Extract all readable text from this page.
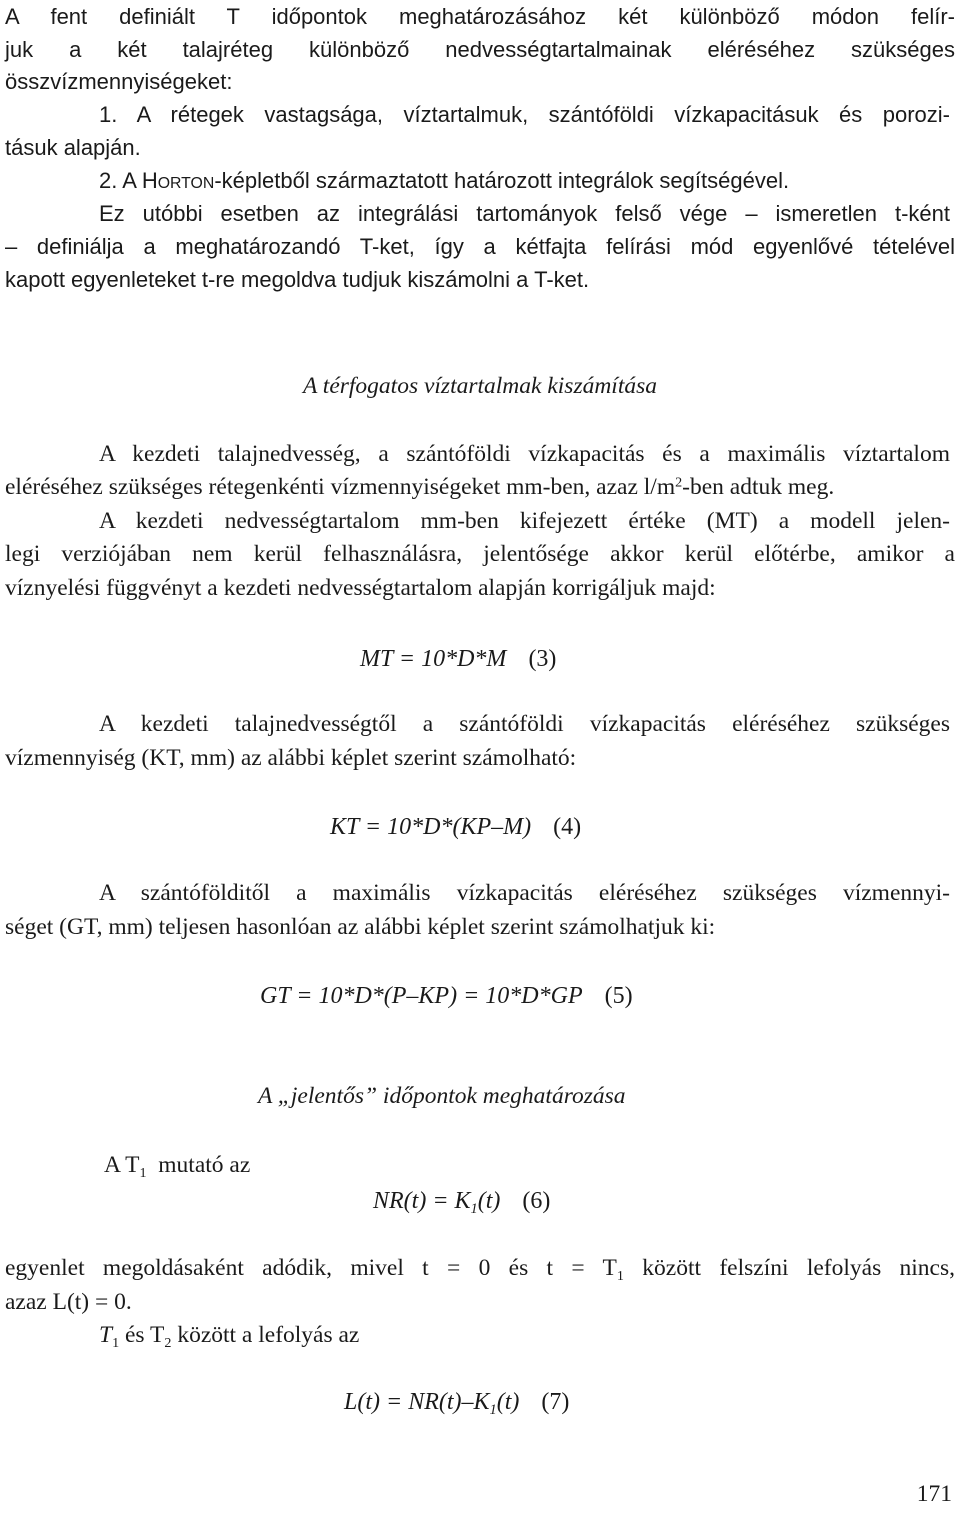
A fent definiált T időpontok meghatározásához két különböző módon felír-
juk a két talajréteg különböző nedvességtartalmainak eléréséhez szükséges
összvízmennyiségeket:
1. A rétegek vastagsága, víztartalmuk, szántóföldi vízkapacitásuk és porozi-
tásuk alapján.
2. A HORTON-képletből származtatott határozott integrálok segítségével.
Ez utóbbi esetben az integrálási tartományok felső vége – ismeretlen t-ként
– definiálja a meghatározandó T-ket, így a kétfajta felírási mód egyenlővé tételével
kapott egyenleteket t-re megoldva tudjuk kiszámolni a T-ket.
A térfogatos víztartalmak kiszámítása
A kezdeti talajnedvesség, a szántóföldi vízkapacitás és a maximális víztartalom
eléréséhez szükséges rétegenkénti vízmennyiségeket mm-ben, azaz $l/m^2$-ben adtuk meg.
A kezdeti nedvességtartalom mm-ben kifejezett értéke (MT) a modell jelen-
legi verziójában nem kerül felhasználásra, jelentősége akkor kerül előtérbe, amikor a
víznyelési függvényt a kezdeti nedvességtartalom alapján korrigáljuk majd:
MT = 10*D*M (3)
A kezdeti talajnedvességtől a szántóföldi vízkapacitás eléréséhez szükséges
vízmennyiség (KT, mm) az alábbi képlet szerint számolható:
KT = 10*D*(KP–M) (4)
A szántófölditől a maximális vízkapacitás eléréséhez szükséges vízmennyi-
séget (GT, mm) teljesen hasonlóan az alábbi képlet szerint számolhatjuk ki:
GT = 10*D*(P–KP) = 10*D*GP (5)
A „jelentős” időpontok meghatározása
A $T_1$ mutató az
$NR(t) = K_1(t)$ (6)
egyenlet megoldásaként adódik, mivel t = 0 és $t = T_1$ között felszíni lefolyás nincs,
azaz L(t) = 0.
$T_1$ és $T_2$ között a lefolyás az
$L(t) = NR(t)-K_1(t)$ (7)
171
